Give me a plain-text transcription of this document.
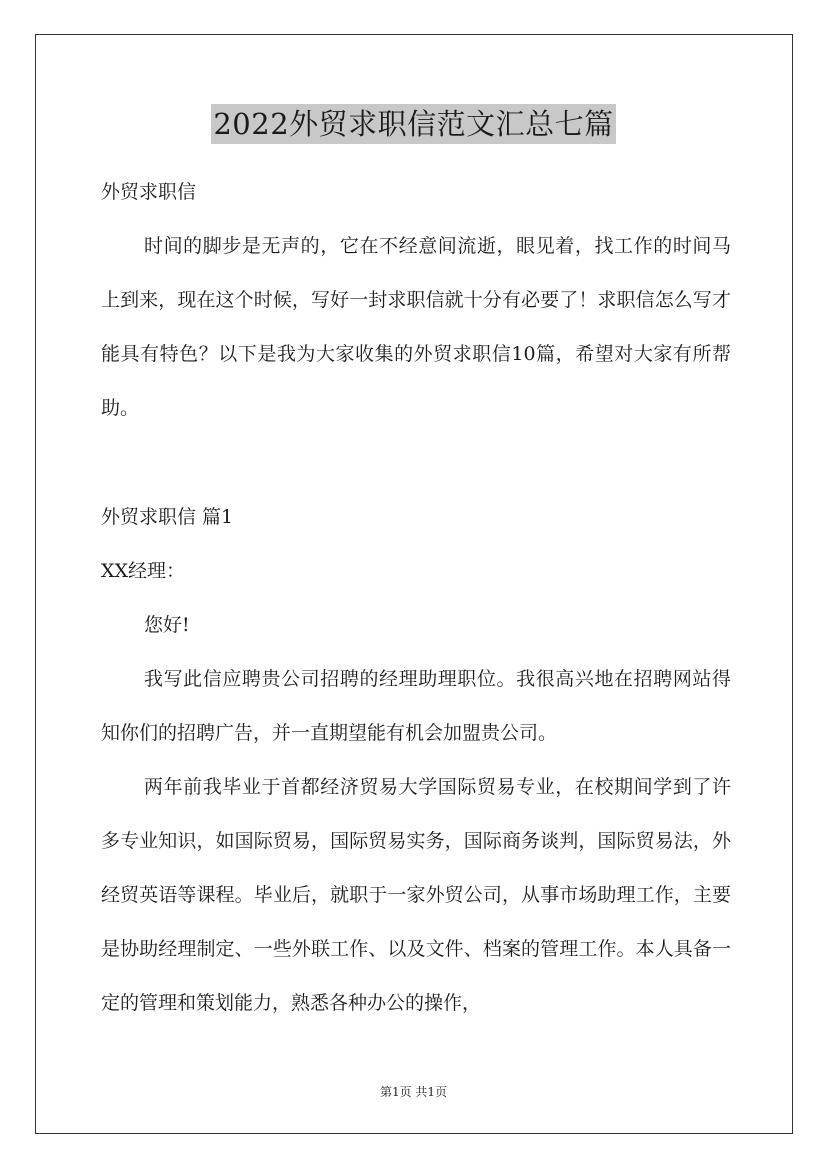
2022外贸求职信范文汇总七篇

外贸求职信

时间的脚步是无声的，它在不经意间流逝，眼见着，找工作的时间马上到来，现在这个时候，写好一封求职信就十分有必要了！求职信怎么写才能具有特色？以下是我为大家收集的外贸求职信10篇，希望对大家有所帮助。

外贸求职信 篇1

XX经理：

您好!

我写此信应聘贵公司招聘的经理助理职位。我很高兴地在招聘网站得知你们的招聘广告，并一直期望能有机会加盟贵公司。

两年前我毕业于首都经济贸易大学国际贸易专业，在校期间学到了许多专业知识，如国际贸易，国际贸易实务，国际商务谈判，国际贸易法，外经贸英语等课程。毕业后，就职于一家外贸公司，从事市场助理工作，主要是协助经理制定、一些外联工作、以及文件、档案的管理工作。本人具备一定的管理和策划能力，熟悉各种办公的操作，

第1页 共1页
